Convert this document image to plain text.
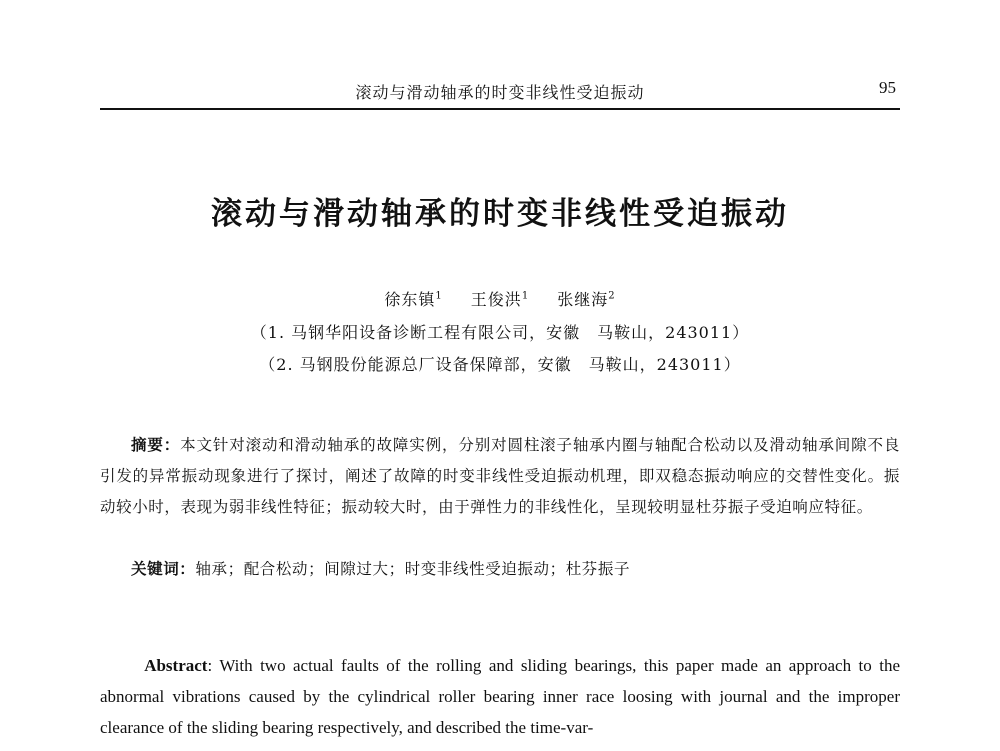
滚动与滑动轴承的时变非线性受迫振动	95
滚动与滑动轴承的时变非线性受迫振动
徐东镇$^1$ 王俊洪$^1$ 张继海$^2$
（1. 马钢华阳设备诊断工程有限公司，安徽　马鞍山，243011）
（2. 马钢股份能源总厂设备保障部，安徽　马鞍山，243011）

摘要：本文针对滚动和滑动轴承的故障实例，分别对圆柱滚子轴承内圈与轴配合松动以及滑动轴承间隙不良引发的异常振动现象进行了探讨，阐述了故障的时变非线性受迫振动机理，即双稳态振动响应的交替性变化。振动较小时，表现为弱非线性特征；振动较大时，由于弹性力的非线性化，呈现较明显杜芬振子受迫响应特征。

关键词：轴承；配合松动；间隙过大；时变非线性受迫振动；杜芬振子

Abstract: With two actual faults of the rolling and sliding bearings, this paper made an approach to the abnormal vibrations caused by the cylindrical roller bearing inner race loosing with journal and the improper clearance of the sliding bearing respectively, and described the time-var-
